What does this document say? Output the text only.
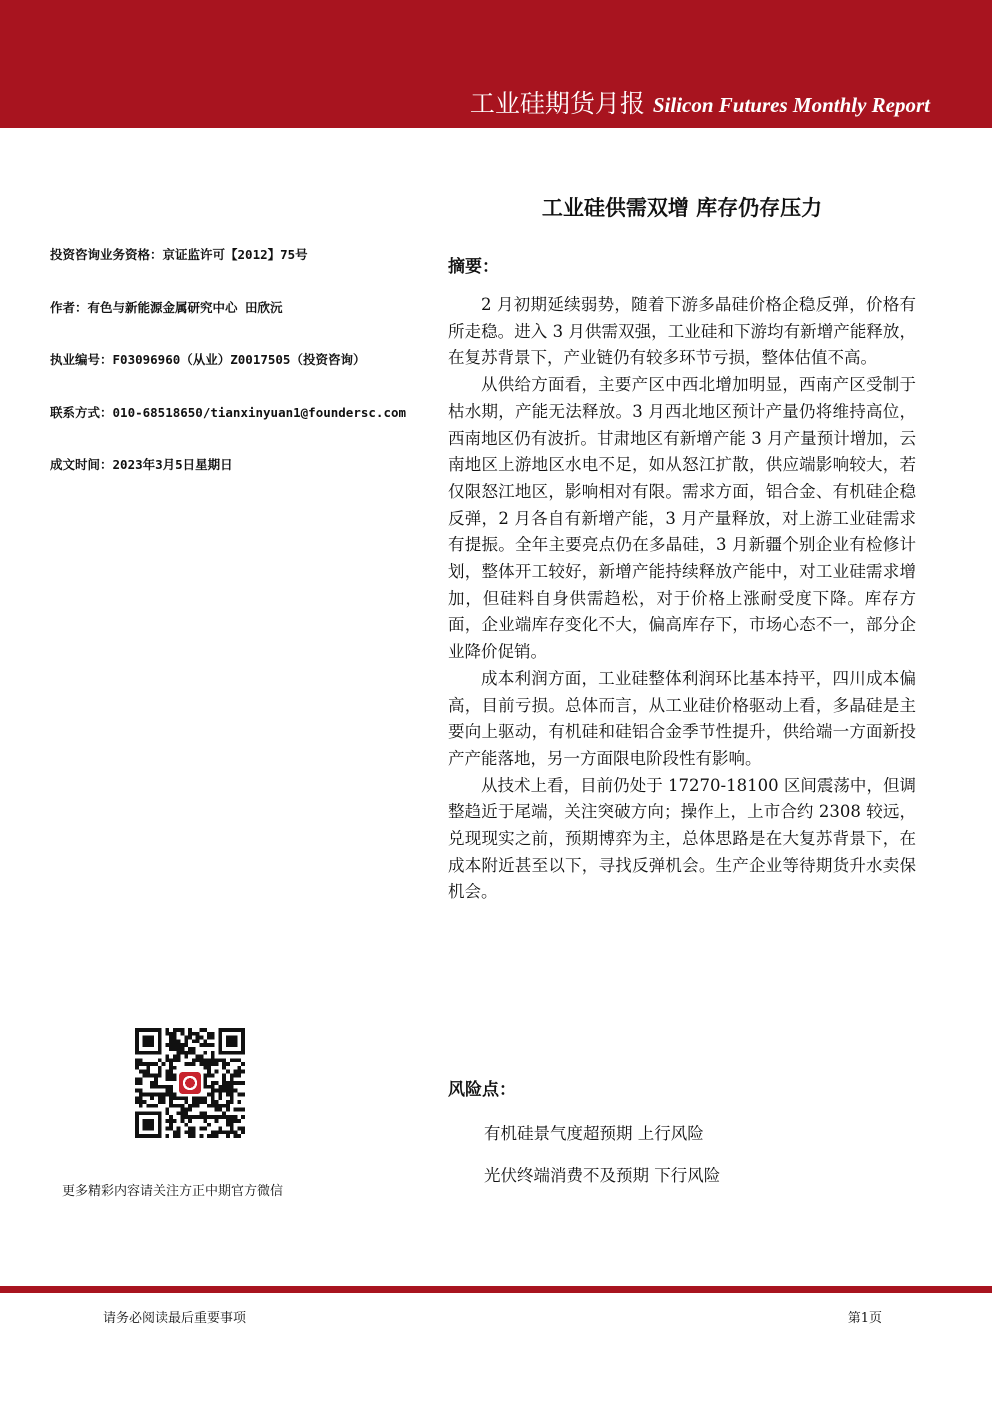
工业硅期货月报 Silicon Futures Monthly Report
工业硅供需双增 库存仍存压力
投资咨询业务资格：京证监许可【2012】75号
作者：有色与新能源金属研究中心 田欣沅
执业编号：F03096960（从业）Z0017505（投资咨询）
联系方式：010-68518650/tianxinyuan1@foundersc.com
成文时间：2023年3月5日星期日
摘要：

2 月初期延续弱势，随着下游多晶硅价格企稳反弹，价格有所走稳。进入 3 月供需双强，工业硅和下游均有新增产能释放，在复苏背景下，产业链仍有较多环节亏损，整体估值不高。

从供给方面看，主要产区中西北增加明显，西南产区受制于枯水期，产能无法释放。3 月西北地区预计产量仍将维持高位，西南地区仍有波折。甘肃地区有新增产能 3 月产量预计增加，云南地区上游地区水电不足，如从怒江扩散，供应端影响较大，若仅限怒江地区，影响相对有限。需求方面，铝合金、有机硅企稳反弹，2 月各自有新增产能，3 月产量释放，对上游工业硅需求有提振。全年主要亮点仍在多晶硅，3 月新疆个别企业有检修计划，整体开工较好，新增产能持续释放产能中，对工业硅需求增加，但硅料自身供需趋松，对于价格上涨耐受度下降。库存方面，企业端库存变化不大，偏高库存下，市场心态不一，部分企业降价促销。

成本利润方面，工业硅整体利润环比基本持平，四川成本偏高，目前亏损。总体而言，从工业硅价格驱动上看，多晶硅是主要向上驱动，有机硅和硅铝合金季节性提升，供给端一方面新投产产能落地，另一方面限电阶段性有影响。

从技术上看，目前仍处于 17270-18100 区间震荡中，但调整趋近于尾端，关注突破方向；操作上，上市合约 2308 较远，兑现现实之前，预期博弈为主，总体思路是在大复苏背景下，在成本附近甚至以下，寻找反弹机会。生产企业等待期货升水卖保机会。

风险点：
有机硅景气度超预期 上行风险
光伏终端消费不及预期 下行风险
更多精彩内容请关注方正中期官方微信
请务必阅读最后重要事项	第1页
